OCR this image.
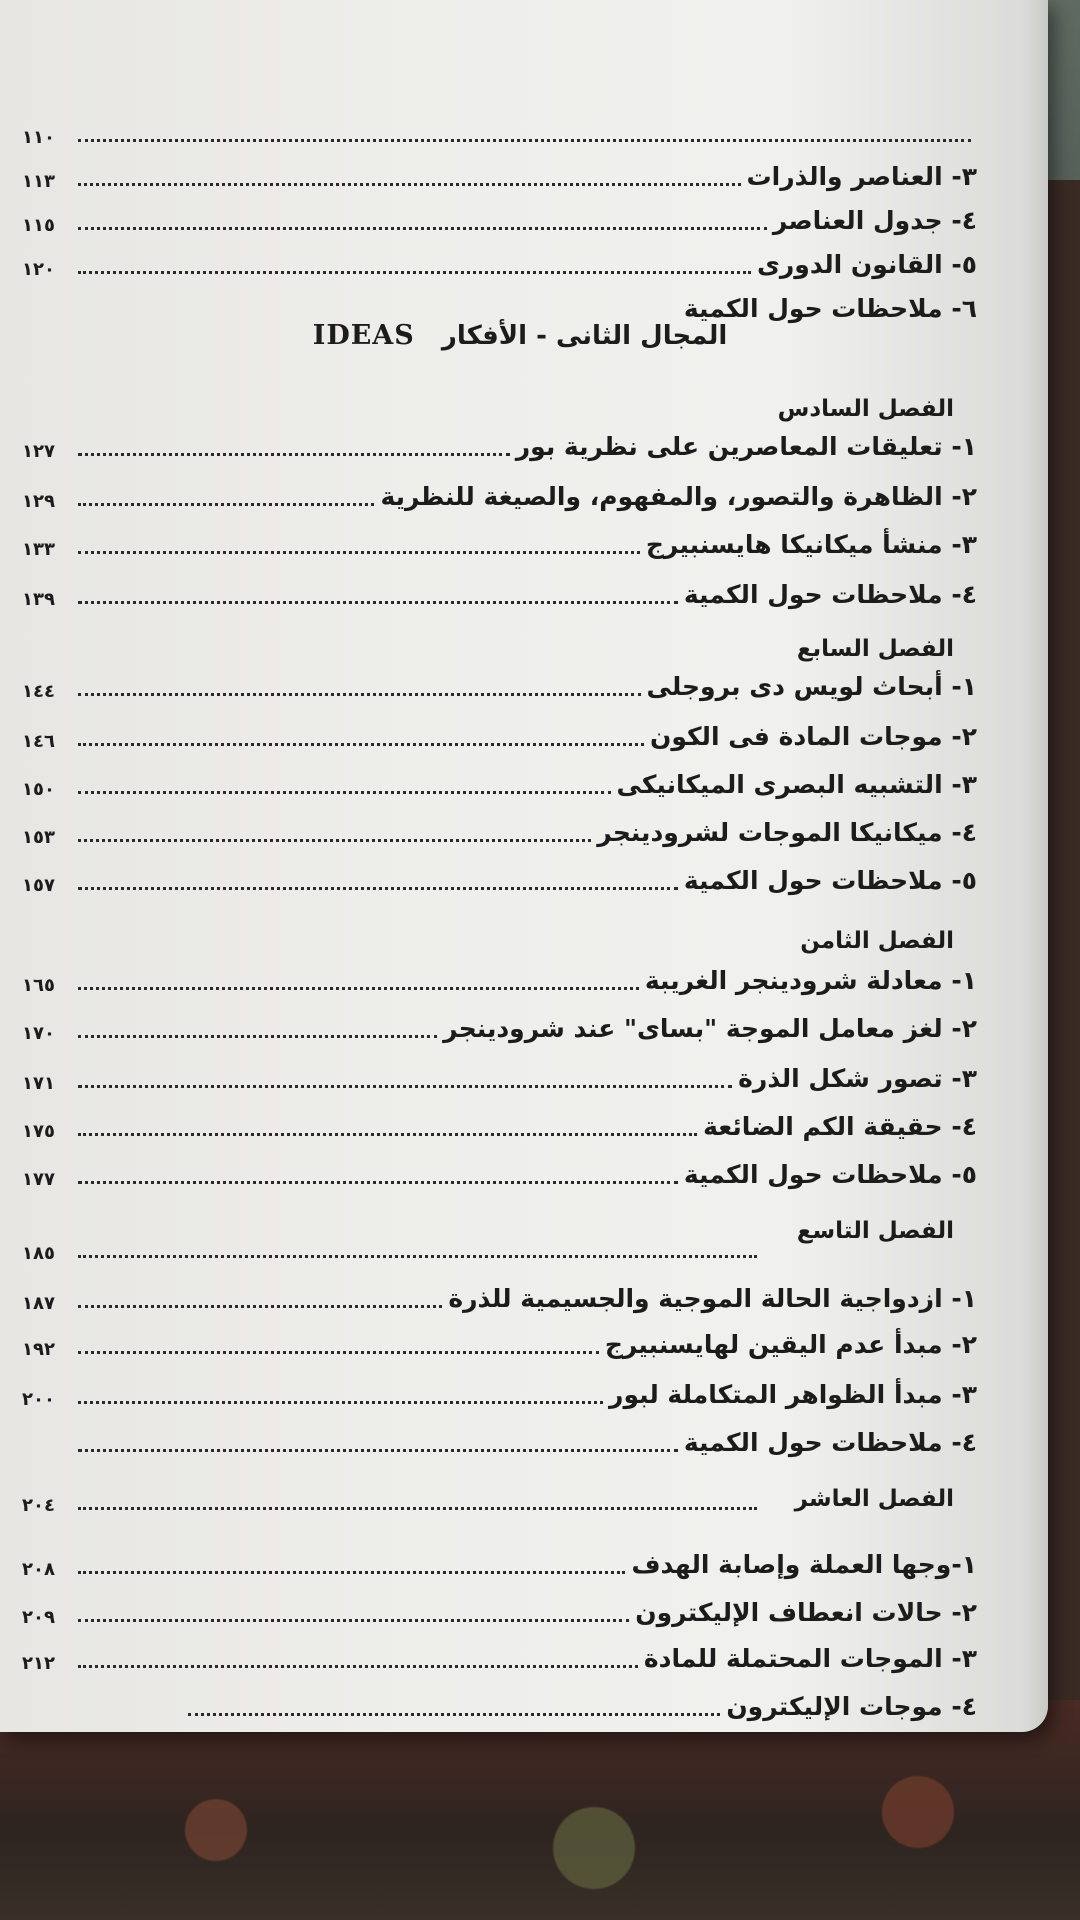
١١٠
٣- العناصر والذرات
١١٣
٤- جدول العناصر
١١٥
٥- القانون الدورى
١٢٠
٦- ملاحظات حول الكمية
المجال الثانى - الأفكار   IDEAS
الفصل السادس
١- تعليقات المعاصرين على نظرية بور
١٢٧
٢- الظاهرة والتصور، والمفهوم، والصيغة للنظرية
١٢٩
٣- منشأ ميكانيكا هايسنبيرج
١٣٣
٤- ملاحظات حول الكمية
١٣٩
الفصل السابع
١- أبحاث لويس دى بروجلى
١٤٤
٢- موجات المادة فى الكون
١٤٦
٣- التشبيه البصرى الميكانيكى
١٥٠
٤- ميكانيكا الموجات لشرودينجر
١٥٣
٥- ملاحظات حول الكمية
١٥٧
الفصل الثامن
١- معادلة شرودينجر الغريبة
١٦٥
٢- لغز معامل الموجة "بساى" عند شرودينجر
١٧٠
٣- تصور شكل الذرة
١٧١
٤- حقيقة الكم الضائعة
١٧٥
٥- ملاحظات حول الكمية
١٧٧
الفصل التاسع
١٨٥
١- ازدواجية الحالة الموجية والجسيمية للذرة
١٨٧
٢- مبدأ عدم اليقين لهايسنبيرج
١٩٢
٣- مبدأ الظواهر المتكاملة لبور
٢٠٠
٤- ملاحظات حول الكمية
الفصل العاشر
٢٠٤
١-وجها العملة وإصابة الهدف
٢٠٨
٢- حالات انعطاف الإليكترون
٢٠٩
٣- الموجات المحتملة للمادة
٢١٢
٤- موجات الإليكترون
